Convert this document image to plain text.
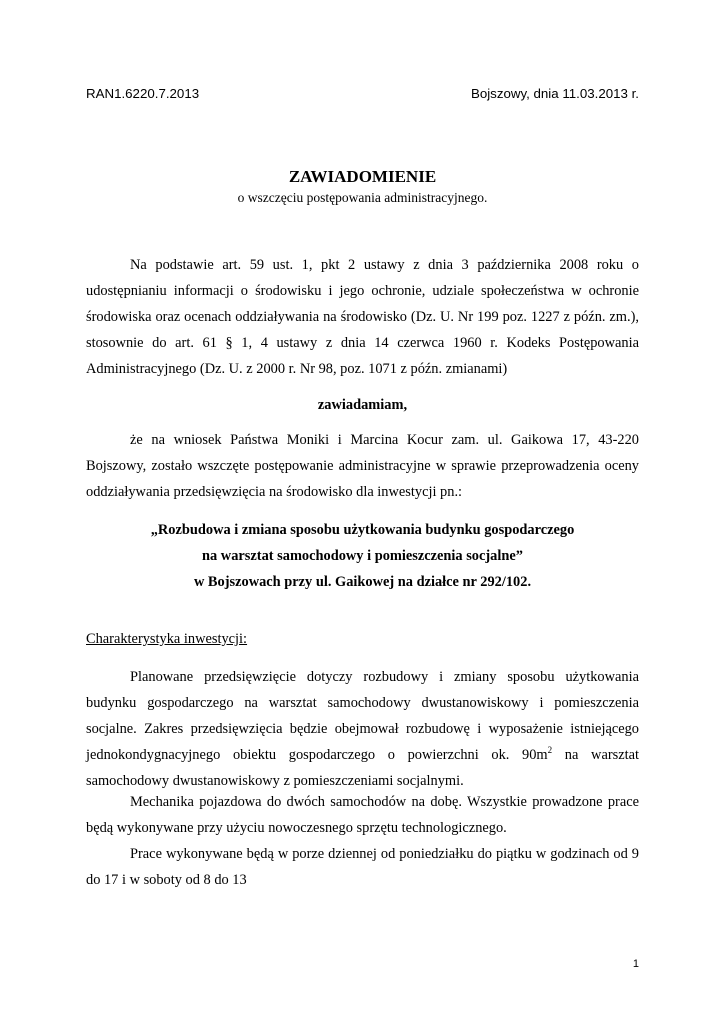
RAN1.6220.7.2013	Bojszowy, dnia 11.03.2013 r.
ZAWIADOMIENIE
o wszczęciu postępowania administracyjnego.
Na podstawie art. 59 ust. 1, pkt 2 ustawy z dnia 3 października 2008 roku o udostępnianiu informacji o środowisku i jego ochronie, udziale społeczeństwa w ochronie środowiska oraz ocenach oddziaływania na środowisko (Dz. U. Nr 199 poz. 1227 z późn. zm.), stosownie do art. 61 § 1, 4 ustawy z dnia 14 czerwca 1960 r. Kodeks Postępowania Administracyjnego (Dz. U. z 2000 r. Nr 98, poz. 1071 z późn. zmianami)
zawiadamiam,
że na wniosek Państwa Moniki i Marcina Kocur zam. ul. Gaikowa 17, 43-220 Bojszowy, zostało wszczęte postępowanie administracyjne w sprawie przeprowadzenia oceny oddziaływania przedsięwzięcia na środowisko dla inwestycji pn.:
„Rozbudowa i zmiana sposobu użytkowania budynku gospodarczego
na warsztat samochodowy i pomieszczenia socjalne”
w Bojszowach przy ul. Gaikowej na działce nr 292/102.
Charakterystyka inwestycji:
Planowane przedsięwzięcie dotyczy rozbudowy i zmiany sposobu użytkowania budynku gospodarczego na warsztat samochodowy dwustanowiskowy i pomieszczenia socjalne. Zakres przedsięwzięcia będzie obejmował rozbudowę i wyposażenie istniejącego jednokondygnacyjnego obiektu gospodarczego o powierzchni ok. $90m^2$ na warsztat samochodowy dwustanowiskowy z pomieszczeniami socjalnymi.
Mechanika pojazdowa do dwóch samochodów na dobę. Wszystkie prowadzone prace będą wykonywane przy użyciu nowoczesnego sprzętu technologicznego.
Prace wykonywane będą w porze dziennej od poniedziałku do piątku w godzinach od 9 do 17 i w soboty od 8 do 13
1
